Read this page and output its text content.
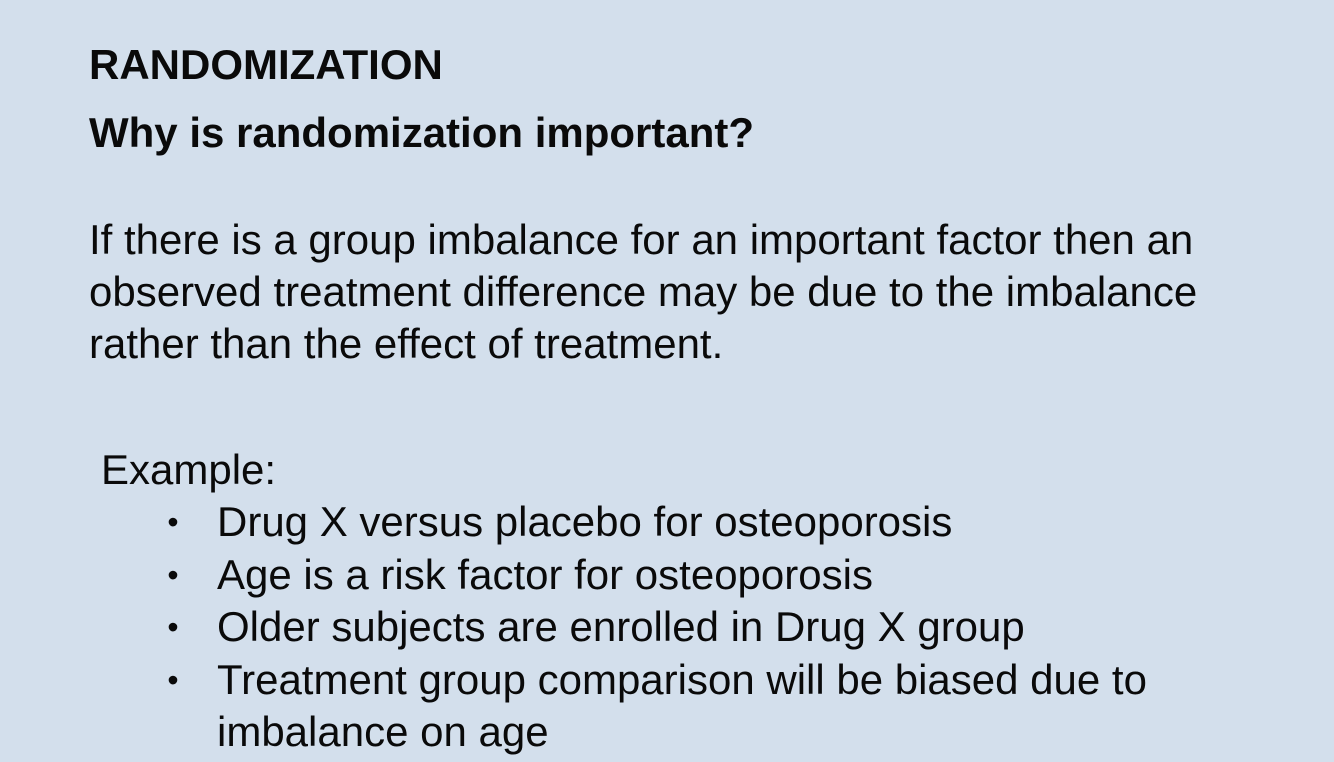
RANDOMIZATION
Why is randomization important?

If there is a group imbalance for an important factor then an
observed treatment difference may be due to the imbalance
rather than the effect of treatment.

Example:

• Drug X versus placebo for osteoporosis
• Age is a risk factor for osteoporosis
• Older subjects are enrolled in Drug X group
• Treatment group comparison will be biased due to imbalance on age
